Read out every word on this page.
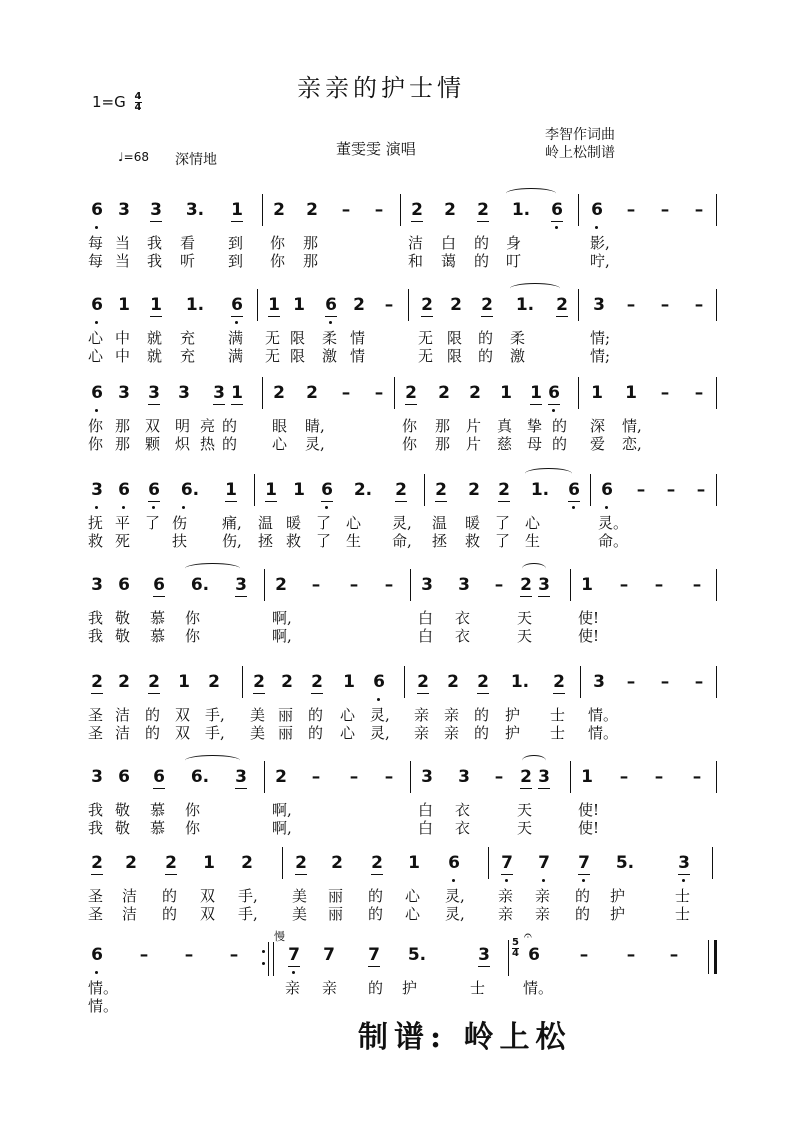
亲亲的护士情
$1=G \frac{4}{4}$
♩=68 深情地
董雯雯 演唱
李智作词曲
岭上松制谱
6 3 3	3.	1 2 2 – – 2 2 2	1.	6 6 – – –
每 当 我 看 到 你 那	洁 白 的 身	影,
每 当 我 听 到 你 那	和 蔼 的 叮	咛,
6 1 1	1.	6 1 1 6 2 – 2 2 2	1.	2 3 – – –
心 中 就 充 满 无 限 柔 情	无 限 的 柔	情;
心 中 就 充 满 无 限 激 情	无 限 的 激	情;
6 3 3 3 3 1 2 2 – – 2 2 2 1 1 6 1 1 – –
你 那 双 明 亮 的 眼 睛,	你 那 片 真 挚 的 深 情,
你 那 颗 炽 热 的 心 灵,	你 那 片 慈 母 的 爱 恋,
3 6 6	6.	1 1 1 6	2.	2 2 2 2	1.	6 6 – – –
抚 平 了 伤 痛, 温 暖 了 心 灵, 温 暖 了 心	灵。
救 死	扶 伤, 拯 救 了 生 命, 拯 救 了 生	命。
3 6 6	6.	3 2 – – – 3 3 – 2 3 1 – – –
我 敬 慕 你	啊,	白 衣	天	使!
我 敬 慕 你	啊,	白 衣	天	使!
2 2 2 1 2 2 2 2 1 6 2 2 2	1.	2 3 – – –
圣 洁 的 双 手, 美 丽 的 心 灵, 亲 亲 的 护 士 情。
圣 洁 的 双 手, 美 丽 的 心 灵, 亲 亲 的 护 士 情。
3 6 6	6.	3 2 – – – 3 3 – 2 3 1 – – –
我 敬 慕 你	啊,	白 衣	天	使!
我 敬 慕 你	啊,	白 衣	天	使!
2 2 2 1 2 2 2 2 1 6 7 7 7	5.	3
圣 洁 的 双 手, 美 丽 的 心 灵, 亲 亲 的 护	士
圣 洁 的 双 手, 美 丽 的 心 灵, 亲 亲 的 护	士
6 – – –	7 7 7	5.	3 6 – – –
情。	亲 亲 的 护	士	情。
情。
慢
$\frac{5}{4}$
𝄐
制谱: 岭上松
